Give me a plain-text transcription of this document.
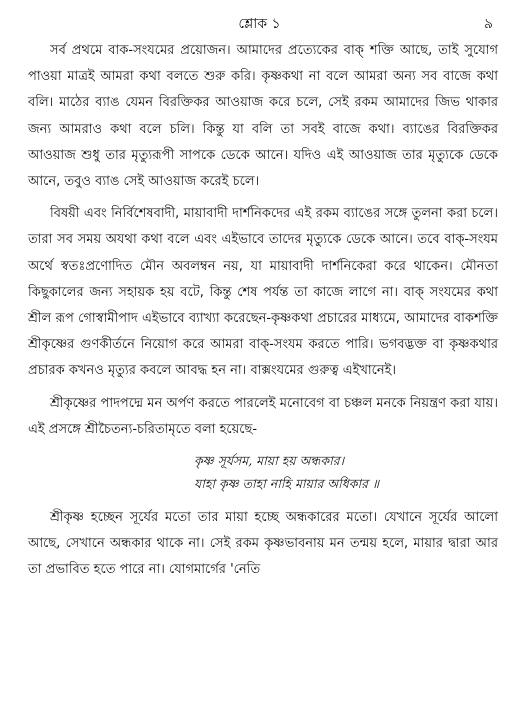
শ্লোক ১	৯

সর্ব প্রথমে বাক-সংযমের প্রয়োজন। আমাদের প্রত্যেকের বাক্ শক্তি আছে, তাই সুযোগ পাওয়া মাত্রই আমরা কথা বলতে শুরু করি। কৃষ্ণকথা না বলে আমরা অন্য সব বাজে কথা বলি। মাঠের ব্যাঙ যেমন বিরক্তিকর আওয়াজ করে চলে, সেই রকম আমাদের জিভ থাকার জন্য আমরাও কথা বলে চলি। কিন্তু যা বলি তা সবই বাজে কথা। ব্যাঙের বিরক্তিকর আওয়াজ শুধু তার মৃত্যুরূপী সাপকে ডেকে আনে। যদিও এই আওয়াজ তার মৃত্যুকে ডেকে আনে, তবুও ব্যাঙ সেই আওয়াজ করেই চলে।

বিষয়ী এবং নির্বিশেষবাদী, মায়াবাদী দার্শনিকদের এই রকম ব্যাঙের সঙ্গে তুলনা করা চলে। তারা সব সময় অযথা কথা বলে এবং এইভাবে তাদের মৃত্যুকে ডেকে আনে। তবে বাক্-সংযম অর্থে স্বতঃপ্রণোদিত মৌন অবলম্বন নয়, যা মায়াবাদী দার্শনিকেরা করে থাকেন। মৌনতা কিছুকালের জন্য সহায়ক হয় বটে, কিন্তু শেষ পর্যন্ত তা কাজে লাগে না। বাক্ সংযমের কথা শ্রীল রূপ গোস্বামীপাদ এইভাবে ব্যাখ্যা করেছেন-কৃষ্ণকথা প্রচারের মাধ্যমে, আমাদের বাকশক্তি শ্রীকৃষ্ণের গুণকীর্তনে নিয়োগ করে আমরা বাক্-সংযম করতে পারি। ভগবদ্ভক্ত বা কৃষ্ণকথার প্রচারক কখনও মৃত্যুর কবলে আবদ্ধ হন না। বাক্সংযমের গুরুত্ব এইখানেই।

শ্রীকৃষ্ণের পাদপদ্মে মন অর্পণ করতে পারলেই মনোবেগ বা চঞ্চল মনকে নিয়ন্ত্রণ করা যায়। এই প্রসঙ্গে শ্রীচৈতন্য-চরিতামৃতে বলা হয়েছে-

কৃষ্ণ সূর্যসম, মায়া হয় অন্ধকার।
যাহা কৃষ্ণ তাহা নাহি মায়ার অধিকার ॥

শ্রীকৃষ্ণ হচ্ছেন সূর্যের মতো তার মায়া হচ্ছে অন্ধকারের মতো। যেখানে সূর্যের আলো আছে, সেখানে অন্ধকার থাকে না। সেই রকম কৃষ্ণভাবনায় মন তন্ময় হলে, মায়ার দ্বারা আর তা প্রভাবিত হতে পারে না। যোগমার্গের 'নেতি
